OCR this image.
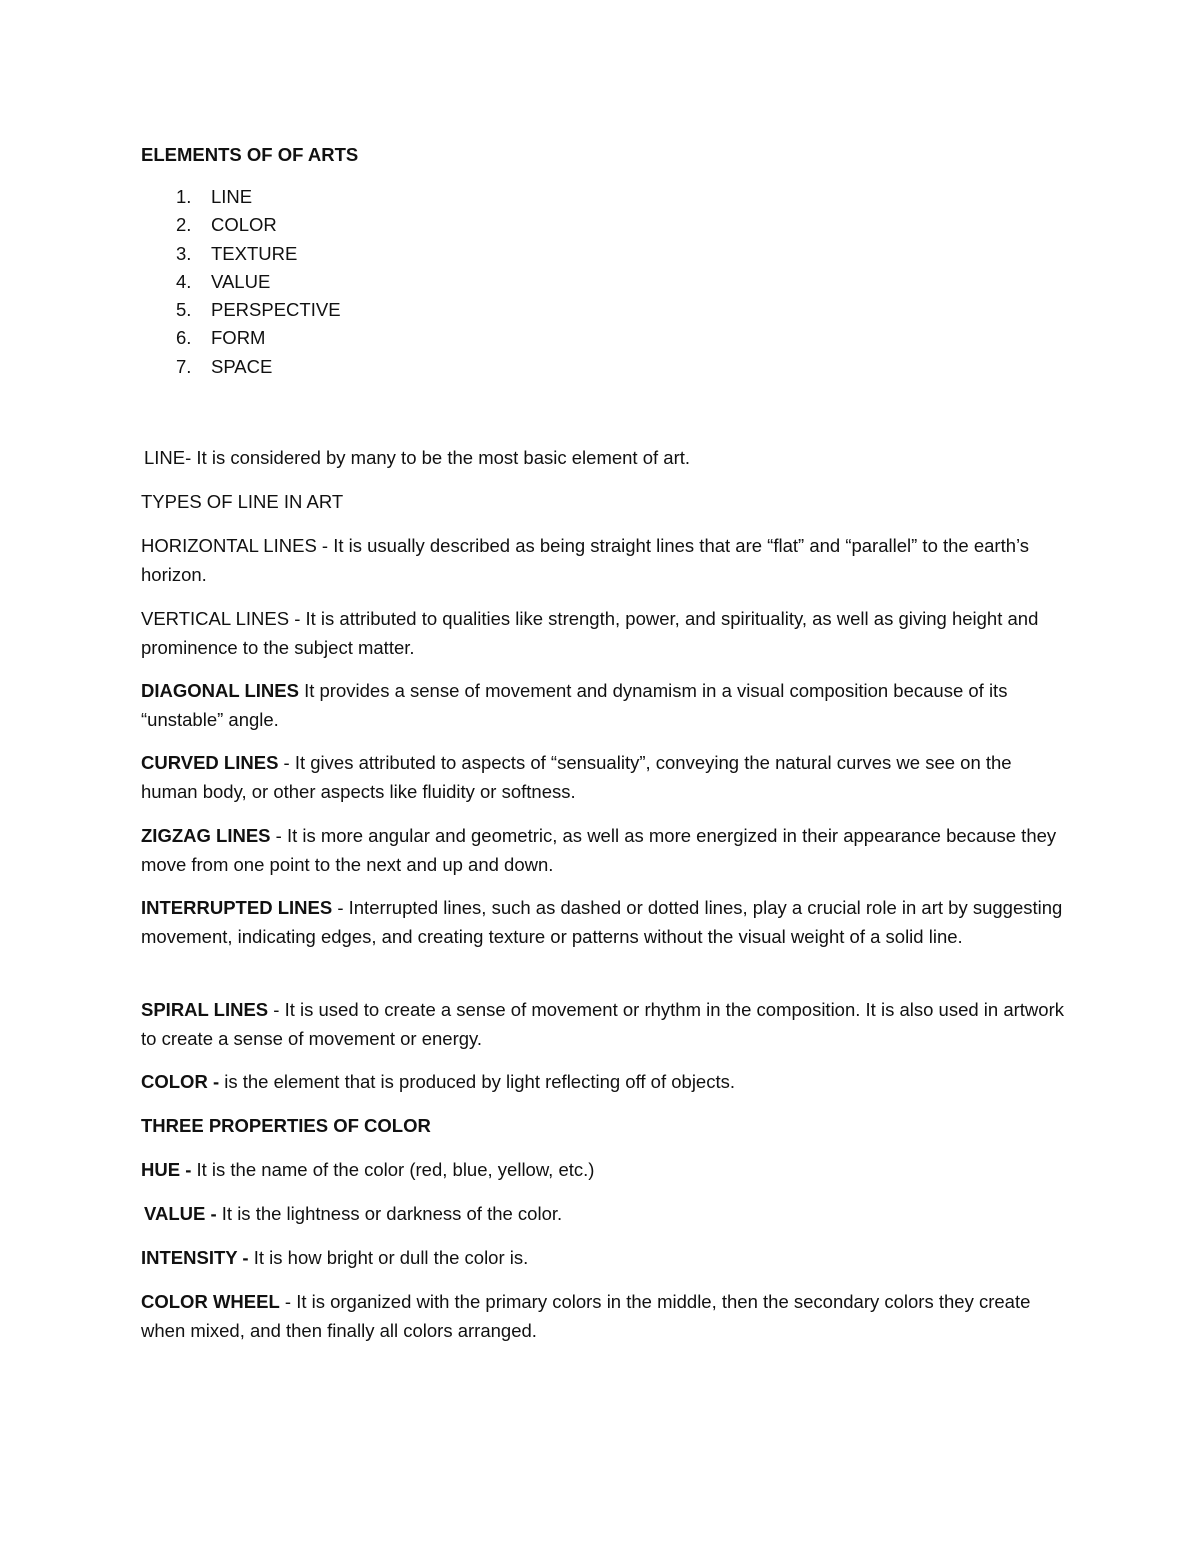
ELEMENTS OF OF ARTS
1. LINE
2. COLOR
3. TEXTURE
4. VALUE
5. PERSPECTIVE
6. FORM
7. SPACE

LINE- It is considered by many to be the most basic element of art.

TYPES OF LINE IN ART

HORIZONTAL LINES - It is usually described as being straight lines that are “flat” and “parallel” to the earth’s horizon.

VERTICAL LINES - It is attributed to qualities like strength, power, and spirituality, as well as giving height and prominence to the subject matter.

DIAGONAL LINES It provides a sense of movement and dynamism in a visual composition because of its “unstable” angle.

CURVED LINES - It gives attributed to aspects of “sensuality”, conveying the natural curves we see on the human body, or other aspects like fluidity or softness.

ZIGZAG LINES - It is more angular and geometric, as well as more energized in their appearance because they move from one point to the next and up and down.

INTERRUPTED LINES - Interrupted lines, such as dashed or dotted lines, play a crucial role in art by suggesting movement, indicating edges, and creating texture or patterns without the visual weight of a solid line.

SPIRAL LINES - It is used to create a sense of movement or rhythm in the composition. It is also used in artwork to create a sense of movement or energy.

COLOR - is the element that is produced by light reflecting off of objects.

THREE PROPERTIES OF COLOR

HUE - It is the name of the color (red, blue, yellow, etc.)

VALUE - It is the lightness or darkness of the color.

INTENSITY - It is how bright or dull the color is.

COLOR WHEEL - It is organized with the primary colors in the middle, then the secondary colors they create when mixed, and then finally all colors arranged.
